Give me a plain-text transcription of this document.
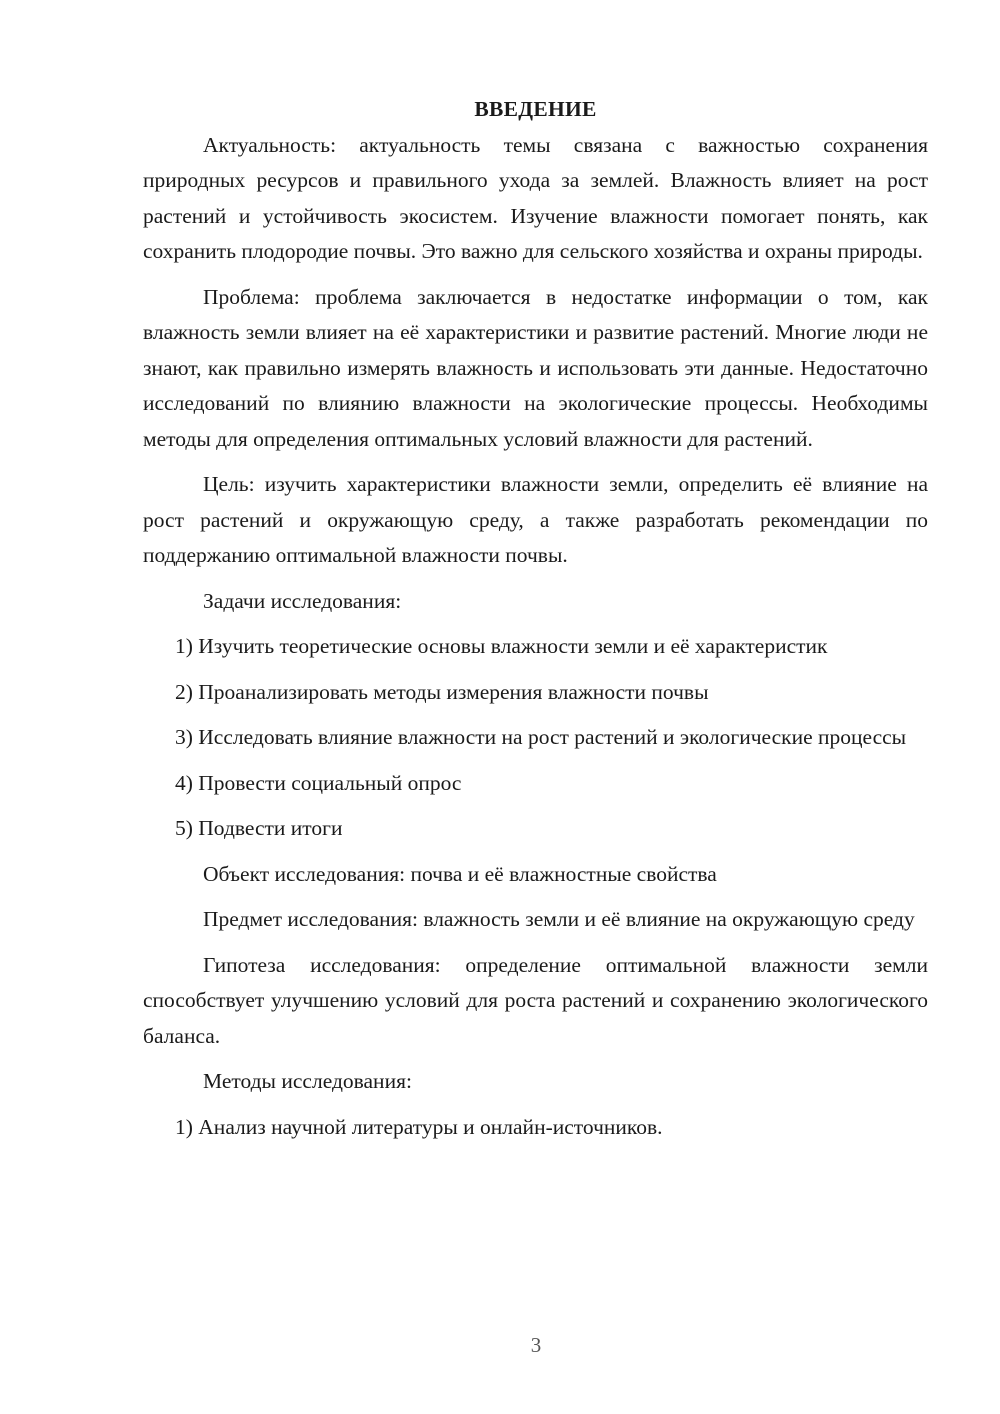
ВВЕДЕНИЕ

Актуальность: актуальность темы связана с важностью сохранения природных ресурсов и правильного ухода за землей. Влажность влияет на рост растений и устойчивость экосистем. Изучение влажности помогает понять, как сохранить плодородие почвы. Это важно для сельского хозяйства и охраны природы.

Проблема: проблема заключается в недостатке информации о том, как влажность земли влияет на её характеристики и развитие растений. Многие люди не знают, как правильно измерять влажность и использовать эти данные. Недостаточно исследований по влиянию влажности на экологические процессы. Необходимы методы для определения оптимальных условий влажности для растений.

Цель: изучить характеристики влажности земли, определить её влияние на рост растений и окружающую среду, а также разработать рекомендации по поддержанию оптимальной влажности почвы.

Задачи исследования:

1) Изучить теоретические основы влажности земли и её характеристик

2) Проанализировать методы измерения влажности почвы

3) Исследовать влияние влажности на рост растений и экологические процессы

4) Провести социальный опрос

5) Подвести итоги

Объект исследования: почва и её влажностные свойства

Предмет исследования: влажность земли и её влияние на окружающую среду

Гипотеза исследования: определение оптимальной влажности земли способствует улучшению условий для роста растений и сохранению экологического баланса.

Методы исследования:

1) Анализ научной литературы и онлайн-источников.

3
